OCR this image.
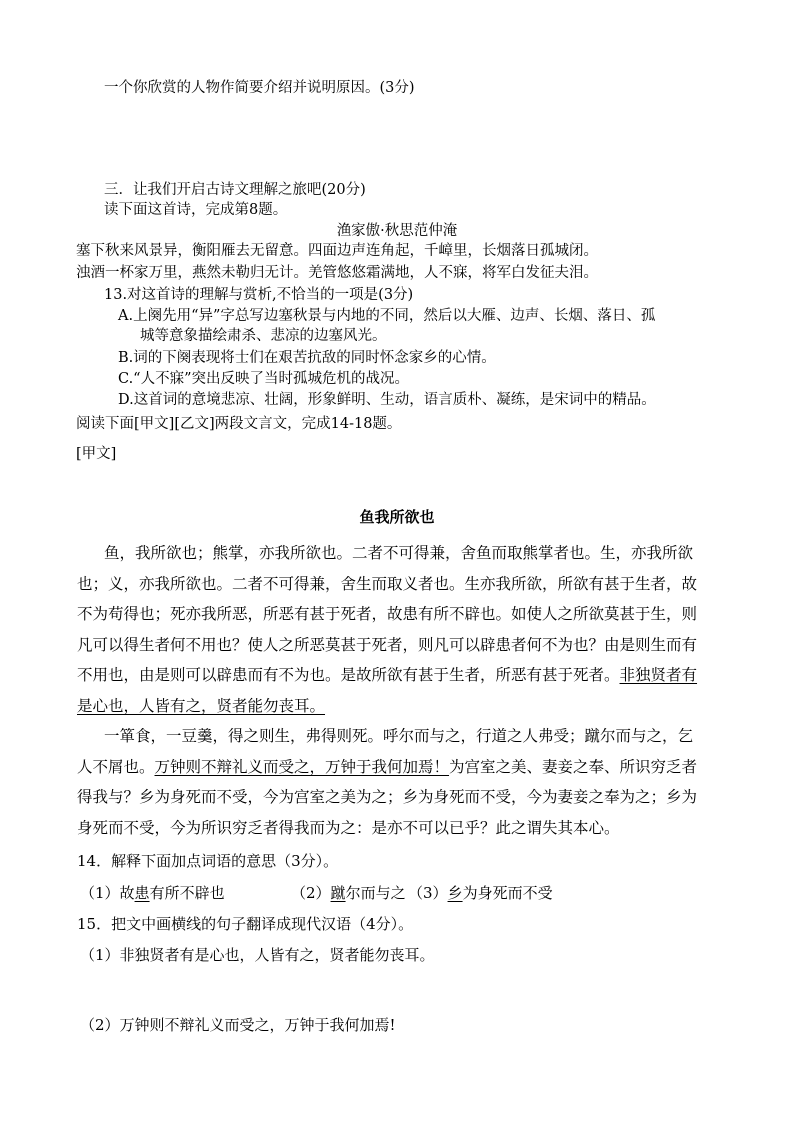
一个你欣赏的人物作简要介绍并说明原因。(3分)
三．让我们开启古诗文理解之旅吧(20分)
读下面这首诗，完成第8题。
渔家傲·秋思范仲淹
塞下秋来风景异，衡阳雁去无留意。四面边声连角起，千嶂里，长烟落日孤城闭。
浊酒一杯家万里，燕然未勒归无计。羌管悠悠霜满地，人不寐，将军白发征夫泪。
13.对这首诗的理解与赏析,不恰当的一项是(3分)
A.上阕先用“异”字总写边塞秋景与内地的不同，然后以大雁、边声、长烟、落日、孤
城等意象描绘肃杀、悲凉的边塞风光。
B.词的下阕表现将士们在艰苦抗敌的同时怀念家乡的心情。
C.“人不寐”突出反映了当时孤城危机的战况。
D.这首词的意境悲凉、壮阔，形象鲜明、生动，语言质朴、凝练，是宋词中的精品。
阅读下面[甲文][乙文]两段文言文，完成14-18题。
[甲文]
鱼我所欲也
鱼，我所欲也；熊掌，亦我所欲也。二者不可得兼，舍鱼而取熊掌者也。生，亦我所欲
也；义，亦我所欲也。二者不可得兼，舍生而取义者也。生亦我所欲，所欲有甚于生者，故
不为苟得也；死亦我所恶，所恶有甚于死者，故患有所不辟也。如使人之所欲莫甚于生，则
凡可以得生者何不用也？使人之所恶莫甚于死者，则凡可以辟患者何不为也？由是则生而有
不用也，由是则可以辟患而有不为也。是故所欲有甚于生者，所恶有甚于死者。非独贤者有
是心也，人皆有之，贤者能勿丧耳。
一箪食，一豆羹，得之则生，弗得则死。呼尔而与之，行道之人弗受；蹴尔而与之，乞
人不屑也。万钟则不辩礼义而受之，万钟于我何加焉！为宫室之美、妻妾之奉、所识穷乏者
得我与？乡为身死而不受，今为宫室之美为之；乡为身死而不受，今为妻妾之奉为之；乡为
身死而不受，今为所识穷乏者得我而为之：是亦不可以已乎？此之谓失其本心。
14．解释下面加点词语的意思（3分）。
（1）故患有所不辟也	（2）蹴尔而与之 （3）乡为身死而不受
15．把文中画横线的句子翻译成现代汉语（4分）。
（1）非独贤者有是心也，人皆有之，贤者能勿丧耳。
（2）万钟则不辩礼义而受之，万钟于我何加焉!
